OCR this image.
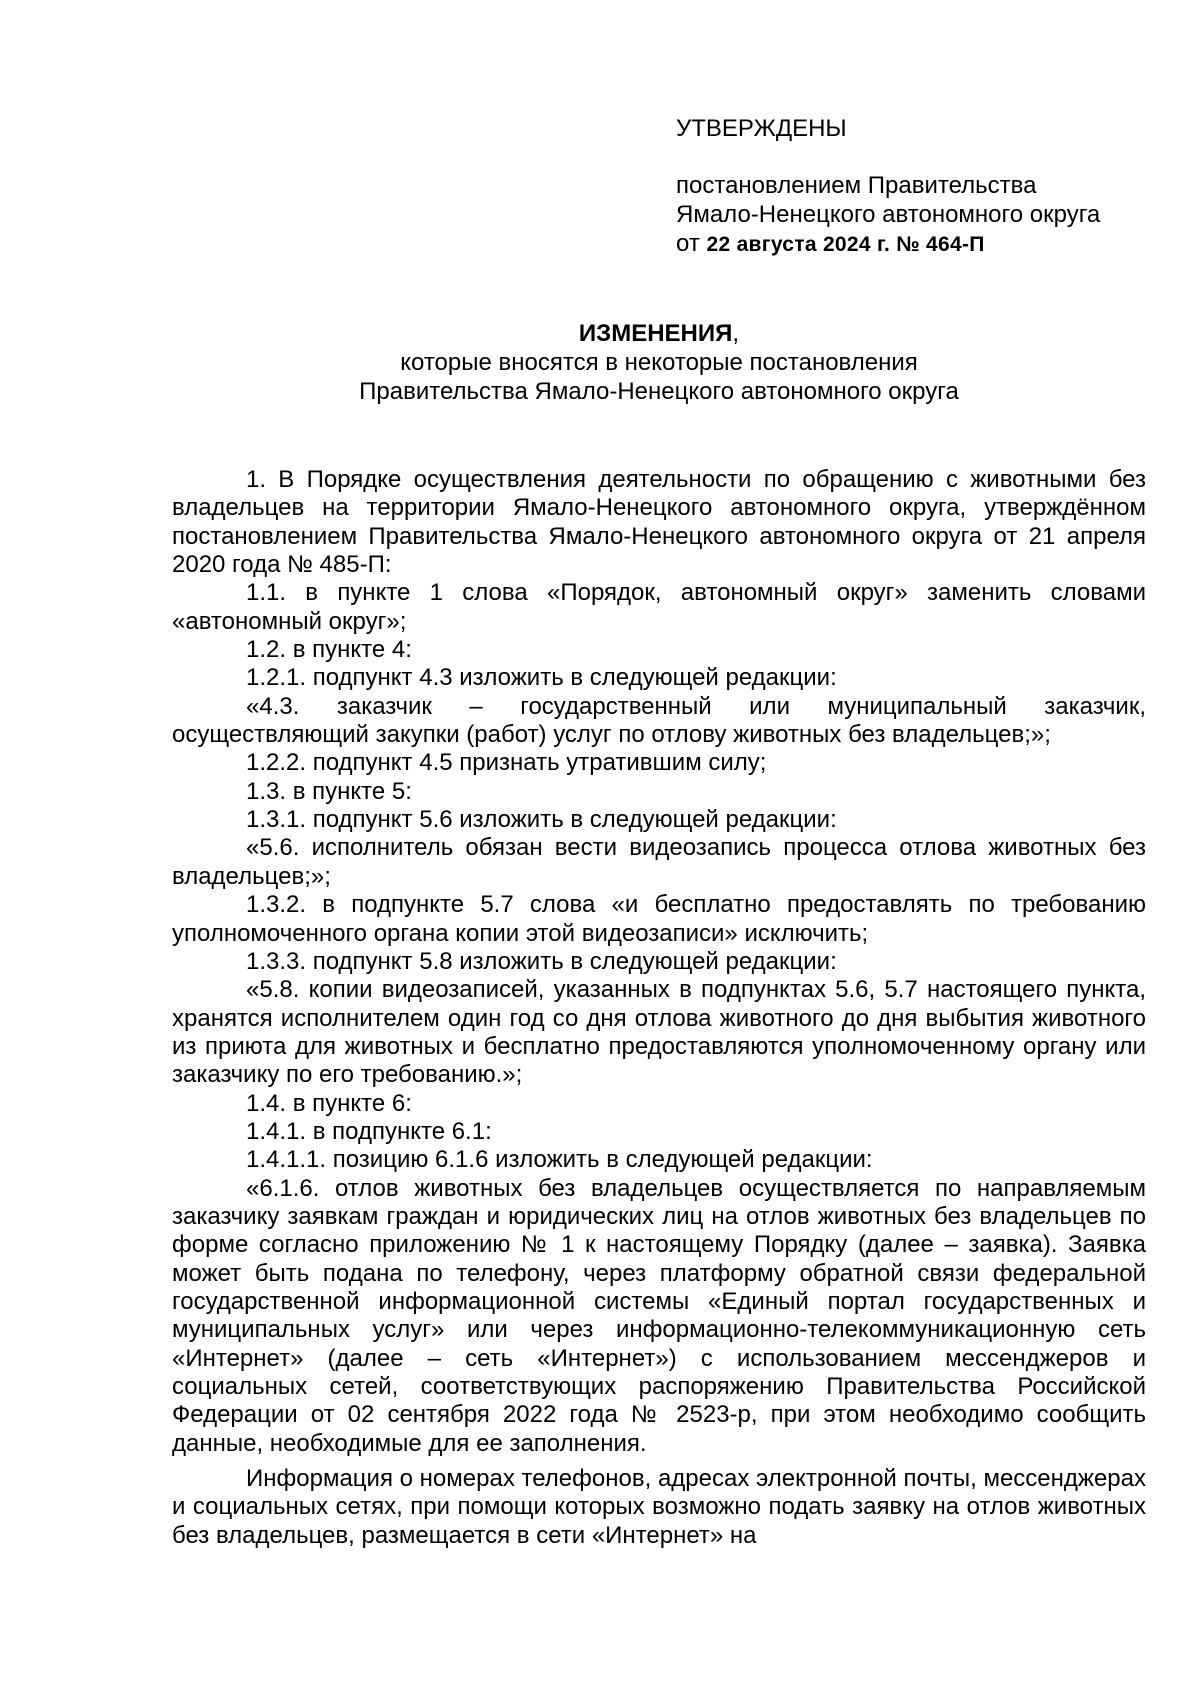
УТВЕРЖДЕНЫ

постановлением Правительства

Ямало-Ненецкого автономного округа

от 22 августа 2024 г. № 464-П

ИЗМЕНЕНИЯ,

которые вносятся в некоторые постановления

Правительства Ямало-Ненецкого автономного округа

1. В Порядке осуществления деятельности по обращению с животными без владельцев на территории Ямало-Ненецкого автономного округа, утверждённом постановлением Правительства Ямало-Ненецкого автономного округа от 21 апреля 2020 года № 485-П:

1.1. в пункте 1 слова «Порядок, автономный округ» заменить словами «автономный округ»;

1.2. в пункте 4:

1.2.1. подпункт 4.3 изложить в следующей редакции:

«4.3. заказчик – государственный или муниципальный заказчик, осуществляющий закупки (работ) услуг по отлову животных без владельцев;»;

1.2.2. подпункт 4.5 признать утратившим силу;

1.3. в пункте 5:

1.3.1. подпункт 5.6 изложить в следующей редакции:

«5.6. исполнитель обязан вести видеозапись процесса отлова животных без владельцев;»;

1.3.2. в подпункте 5.7 слова «и бесплатно предоставлять по требованию уполномоченного органа копии этой видеозаписи» исключить;

1.3.3. подпункт 5.8 изложить в следующей редакции:

«5.8. копии видеозаписей, указанных в подпунктах 5.6, 5.7 настоящего пункта, хранятся исполнителем один год со дня отлова животного до дня выбытия животного из приюта для животных и бесплатно предоставляются уполномоченному органу или заказчику по его требованию.»;

1.4. в пункте 6:

1.4.1. в подпункте 6.1:

1.4.1.1. позицию 6.1.6 изложить в следующей редакции:

«6.1.6. отлов животных без владельцев осуществляется по направляемым заказчику заявкам граждан и юридических лиц на отлов животных без владельцев по форме согласно приложению № 1 к настоящему Порядку (далее – заявка). Заявка может быть подана по телефону, через платформу обратной связи федеральной государственной информационной системы «Единый портал государственных и муниципальных услуг» или через информационно-телекоммуникационную сеть «Интернет» (далее – сеть «Интернет») с использованием мессенджеров и социальных сетей, соответствующих распоряжению Правительства Российской Федерации от 02 сентября 2022 года № 2523-р, при этом необходимо сообщить данные, необходимые для ее заполнения.

Информация о номерах телефонов, адресах электронной почты, мессенджерах и социальных сетях, при помощи которых возможно подать заявку на отлов животных без владельцев, размещается в сети «Интернет» на
